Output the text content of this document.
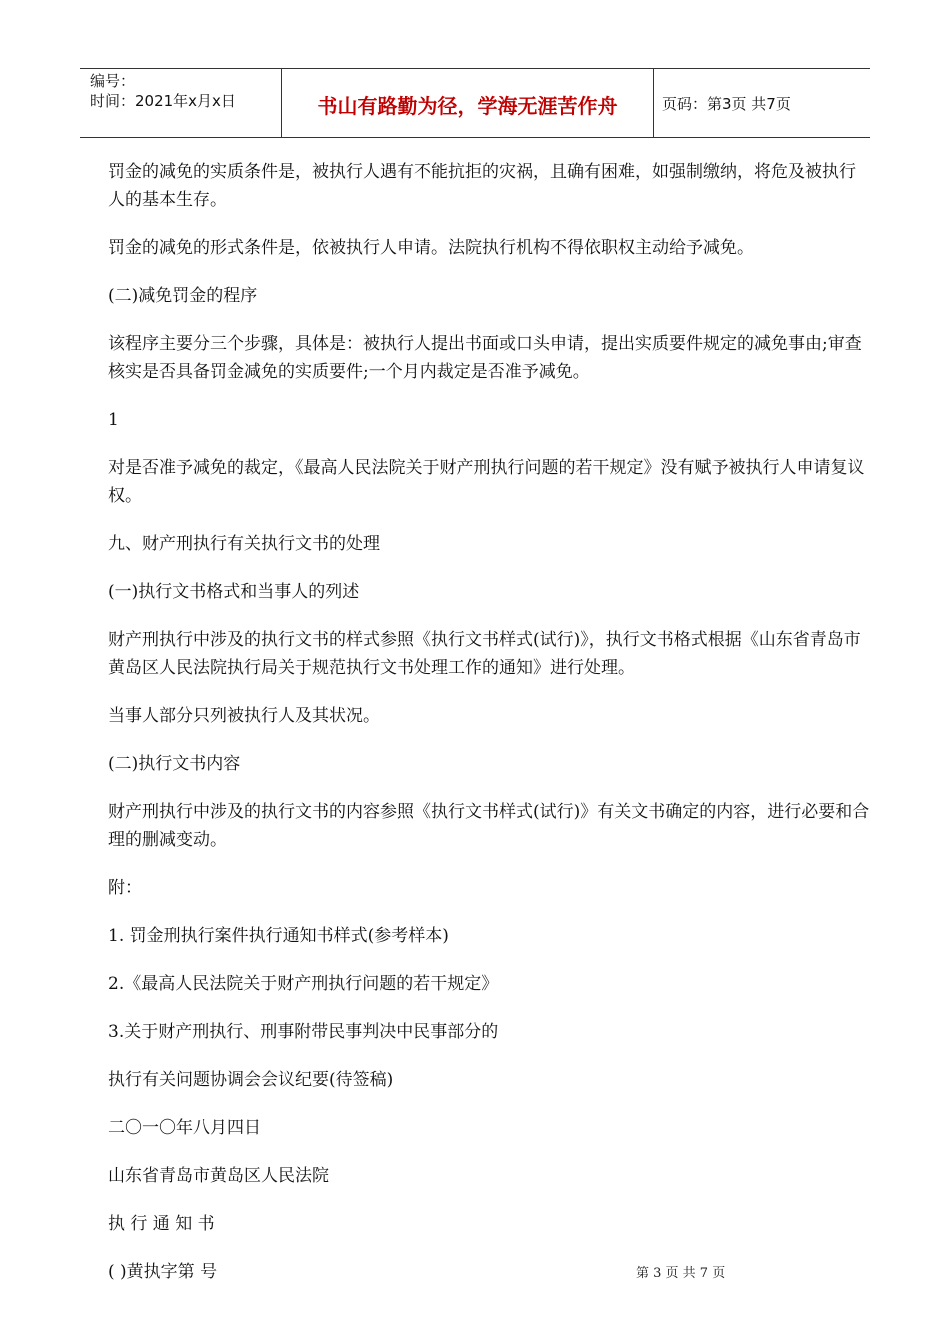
编号：
时间：2021年x月x日	书山有路勤为径，学海无涯苦作舟	页码：第3页 共7页

罚金的减免的实质条件是，被执行人遇有不能抗拒的灾祸，且确有困难，如强制缴纳，将危及被执行人的基本生存。

罚金的减免的形式条件是，依被执行人申请。法院执行机构不得依职权主动给予减免。

(二)减免罚金的程序

该程序主要分三个步骤，具体是：被执行人提出书面或口头申请，提出实质要件规定的减免事由;审查核实是否具备罚金减免的实质要件;一个月内裁定是否准予减免。

1

对是否准予减免的裁定，《最高人民法院关于财产刑执行问题的若干规定》没有赋予被执行人申请复议权。

九、财产刑执行有关执行文书的处理

(一)执行文书格式和当事人的列述

财产刑执行中涉及的执行文书的样式参照《执行文书样式(试行)》，执行文书格式根据《山东省青岛市黄岛区人民法院执行局关于规范执行文书处理工作的通知》进行处理。

当事人部分只列被执行人及其状况。

(二)执行文书内容

财产刑执行中涉及的执行文书的内容参照《执行文书样式(试行)》有关文书确定的内容，进行必要和合理的删减变动。

附：

1. 罚金刑执行案件执行通知书样式(参考样本)

2.《最高人民法院关于财产刑执行问题的若干规定》

3.关于财产刑执行、刑事附带民事判决中民事部分的

执行有关问题协调会会议纪要(待签稿)

二〇一〇年八月四日

山东省青岛市黄岛区人民法院

执 行 通 知 书

( )黄执字第 号	第 3 页 共 7 页
